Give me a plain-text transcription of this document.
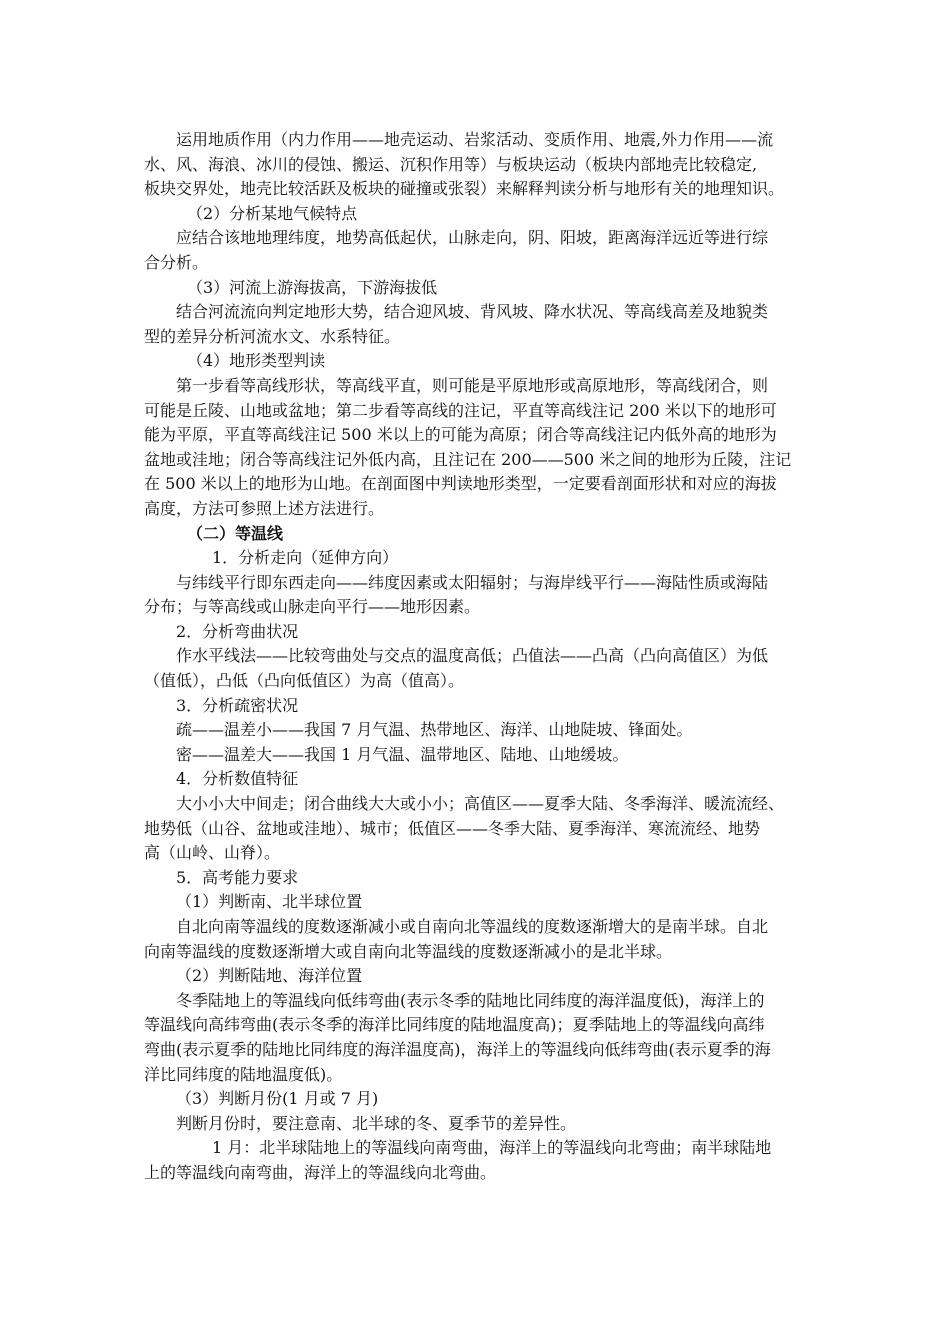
运用地质作用（内力作用——地壳运动、岩浆活动、变质作用、地震,外力作用——流

水、风、海浪、冰川的侵蚀、搬运、沉积作用等）与板块运动（板块内部地壳比较稳定,

板块交界处，地壳比较活跃及板块的碰撞或张裂）来解释判读分析与地形有关的地理知识。

（2）分析某地气候特点

应结合该地地理纬度，地势高低起伏，山脉走向，阴、阳坡，距离海洋远近等进行综

合分析。

（3）河流上游海拔高，下游海拔低

结合河流流向判定地形大势，结合迎风坡、背风坡、降水状况、等高线高差及地貌类

型的差异分析河流水文、水系特征。

（4）地形类型判读

第一步看等高线形状，等高线平直，则可能是平原地形或高原地形，等高线闭合，则

可能是丘陵、山地或盆地；第二步看等高线的注记，平直等高线注记 200 米以下的地形可

能为平原，平直等高线注记 500 米以上的可能为高原；闭合等高线注记内低外高的地形为

盆地或洼地；闭合等高线注记外低内高，且注记在 200——500 米之间的地形为丘陵，注记

在 500 米以上的地形为山地。在剖面图中判读地形类型，一定要看剖面形状和对应的海拔

高度，方法可参照上述方法进行。

（二）等温线

1．分析走向（延伸方向）

与纬线平行即东西走向——纬度因素或太阳辐射；与海岸线平行——海陆性质或海陆

分布；与等高线或山脉走向平行——地形因素。

2．分析弯曲状况

作水平线法——比较弯曲处与交点的温度高低；凸值法——凸高（凸向高值区）为低

（值低），凸低（凸向低值区）为高（值高）。

3．分析疏密状况

疏——温差小——我国 7 月气温、热带地区、海洋、山地陡坡、锋面处。

密——温差大——我国 1 月气温、温带地区、陆地、山地缓坡。

4．分析数值特征

大小小大中间走；闭合曲线大大或小小；高值区——夏季大陆、冬季海洋、暖流流经、

地势低（山谷、盆地或洼地）、城市；低值区——冬季大陆、夏季海洋、寒流流经、地势

高（山岭、山脊）。

5．高考能力要求

（1）判断南、北半球位置

自北向南等温线的度数逐渐减小或自南向北等温线的度数逐渐增大的是南半球。自北

向南等温线的度数逐渐增大或自南向北等温线的度数逐渐减小的是北半球。

（2）判断陆地、海洋位置

冬季陆地上的等温线向低纬弯曲(表示冬季的陆地比同纬度的海洋温度低)，海洋上的

等温线向高纬弯曲(表示冬季的海洋比同纬度的陆地温度高)；夏季陆地上的等温线向高纬

弯曲(表示夏季的陆地比同纬度的海洋温度高)，海洋上的等温线向低纬弯曲(表示夏季的海

洋比同纬度的陆地温度低)。

（3）判断月份(1 月或 7 月)

判断月份时，要注意南、北半球的冬、夏季节的差异性。

1 月：北半球陆地上的等温线向南弯曲，海洋上的等温线向北弯曲；南半球陆地

上的等温线向南弯曲，海洋上的等温线向北弯曲。
